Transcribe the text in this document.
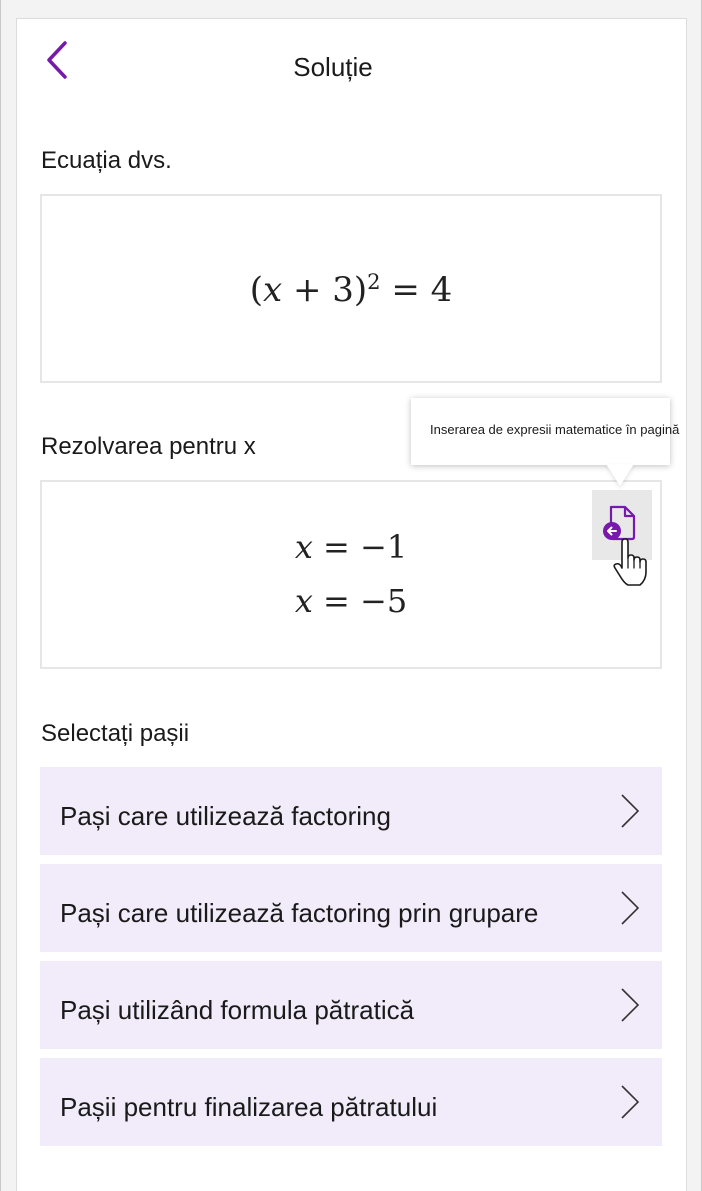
Soluție
Ecuația dvs.
$(x + 3)^2 = 4$
Rezolvarea pentru x
x = −1
x = −5
Inserarea de expresii matematice în pagină
Selectați pașii
Pași care utilizează factoring
Pași care utilizează factoring prin grupare
Pași utilizând formula pătratică
Pașii pentru finalizarea pătratului
